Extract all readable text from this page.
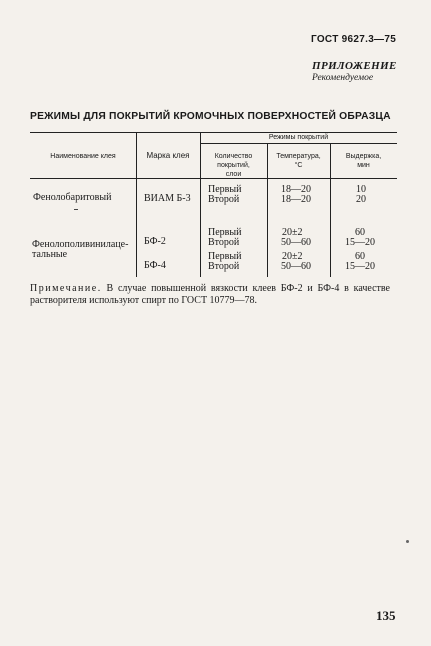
ГОСТ 9627.3—75
ПРИЛОЖЕНИЕ
Рекомендуемое
РЕЖИМЫ ДЛЯ ПОКРЫТИЙ КРОМОЧНЫХ ПОВЕРХНОСТЕЙ ОБРАЗЦА
Наименование клея	Марка клея
Режимы покрытий
Количество
покрытий,
слои
Температура,
°С
Выдержка,
мин
Фенолобаритовый	ВИАМ Б-3
Первый
Второй
18—20
18—20
10
20
Фенолополивинилаце-
тальные
БФ-2
Первый
Второй
20±2
50—60
60
15—20
БФ-4
Первый
Второй
20±2
50—60
60
15—20
Примечание. В случае повышенной вязкости клеев БФ-2 и БФ-4 в качестве растворителя используют спирт по ГОСТ 10779—78.
135
